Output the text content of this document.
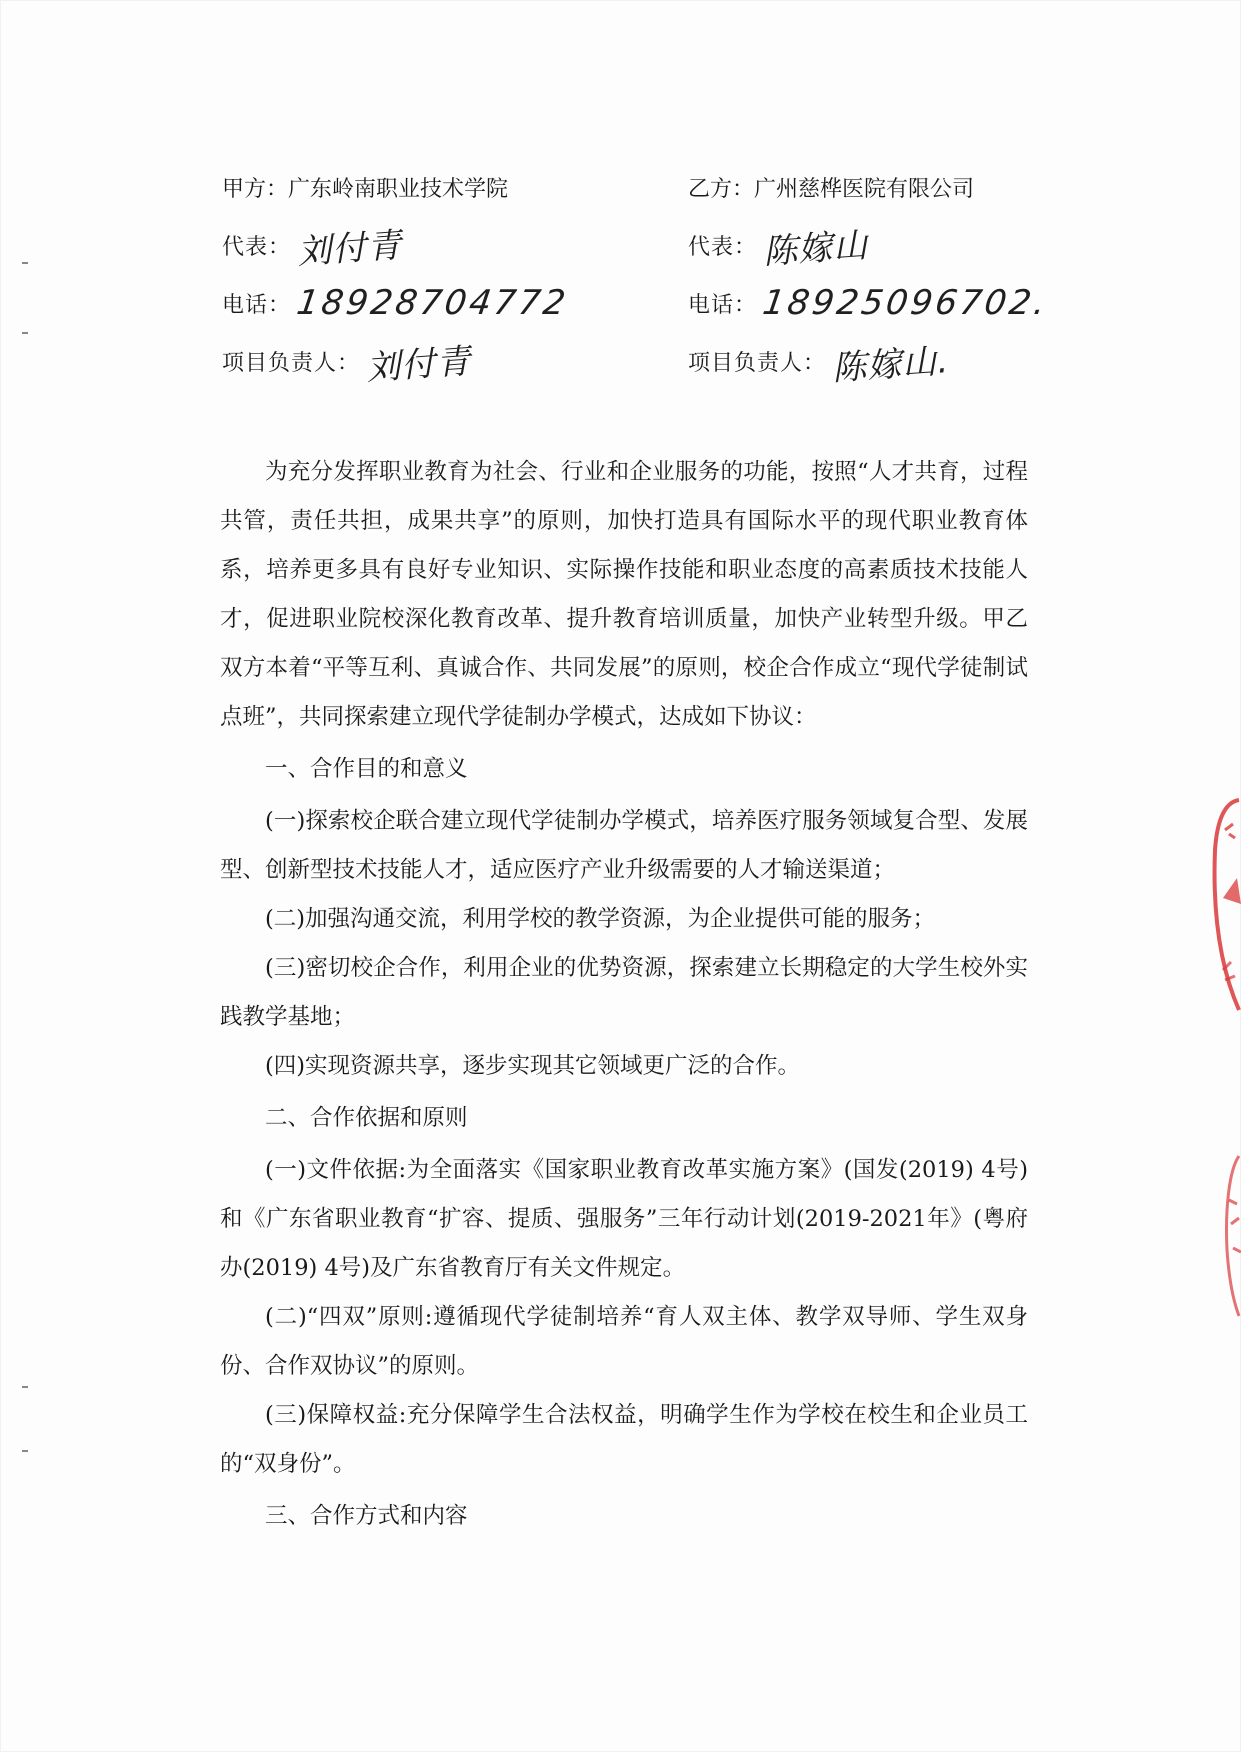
甲方：广东岭南职业技术学院
代表： 刘付青
电话： 18928704772
项目负责人： 刘付青
乙方：广州慈桦医院有限公司
代表： 陈嫁山
电话： 18925096702.
项目负责人： 陈嫁山.

为充分发挥职业教育为社会、行业和企业服务的功能，按照“人才共育，过程共管，责任共担，成果共享”的原则，加快打造具有国际水平的现代职业教育体系，培养更多具有良好专业知识、实际操作技能和职业态度的高素质技术技能人才，促进职业院校深化教育改革、提升教育培训质量，加快产业转型升级。甲乙双方本着“平等互利、真诚合作、共同发展”的原则，校企合作成立“现代学徒制试点班”，共同探索建立现代学徒制办学模式，达成如下协议：

一、合作目的和意义

(一)探索校企联合建立现代学徒制办学模式，培养医疗服务领域复合型、发展型、创新型技术技能人才，适应医疗产业升级需要的人才输送渠道；

(二)加强沟通交流，利用学校的教学资源，为企业提供可能的服务；

(三)密切校企合作，利用企业的优势资源，探索建立长期稳定的大学生校外实践教学基地；

(四)实现资源共享，逐步实现其它领域更广泛的合作。

二、合作依据和原则

(一)文件依据:为全面落实《国家职业教育改革实施方案》(国发(2019) 4号)和《广东省职业教育“扩容、提质、强服务”三年行动计划(2019-2021年》(粤府办(2019) 4号)及广东省教育厅有关文件规定。

(二)“四双”原则:遵循现代学徒制培养“育人双主体、教学双导师、学生双身份、合作双协议”的原则。

(三)保障权益:充分保障学生合法权益，明确学生作为学校在校生和企业员工的“双身份”。

三、合作方式和内容
